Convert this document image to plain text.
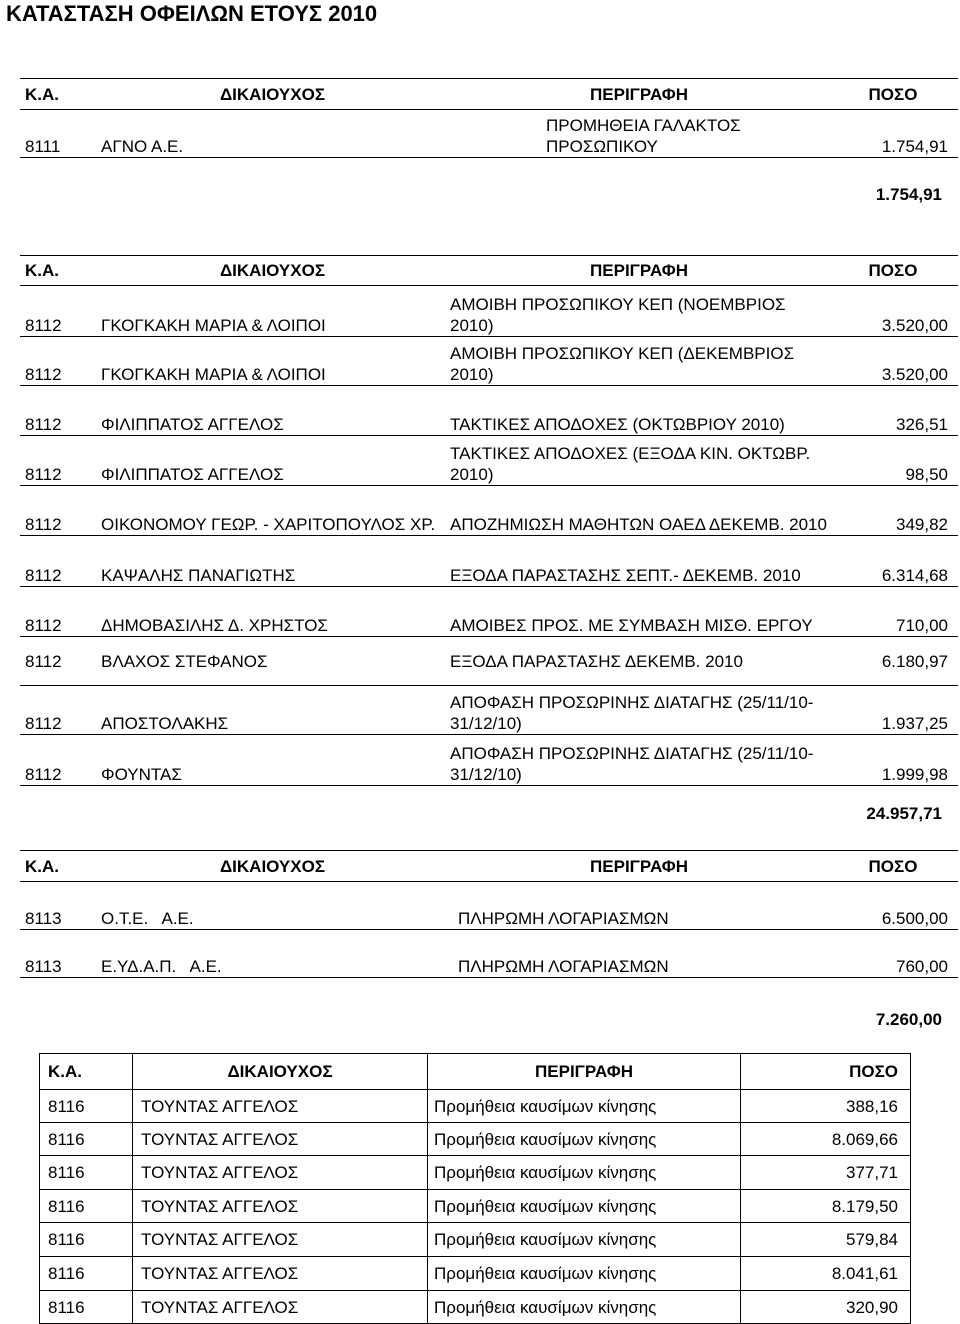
ΚΑΤΑΣΤΑΣΗ ΟΦΕΙΛΩΝ ΕΤΟΥΣ 2010
Κ.Α.	ΔΙΚΑΙΟΥΧΟΣ	ΠΕΡΙΓΡΑΦΗ	ΠΟΣΟ
8111	ΑΓΝΟ Α.Ε.	ΠΡΟΜΗΘΕΙΑ ΓΑΛΑΚΤΟΣ ΠΡΟΣΩΠΙΚΟΥ	1.754,91
1.754,91
Κ.Α.	ΔΙΚΑΙΟΥΧΟΣ	ΠΕΡΙΓΡΑΦΗ	ΠΟΣΟ
8112	ΓΚΟΓΚΑΚΗ ΜΑΡΙΑ & ΛΟΙΠΟΙ	ΑΜΟΙΒΗ ΠΡΟΣΩΠΙΚΟΥ ΚΕΠ (ΝΟΕΜΒΡΙΟΣ 2010)	3.520,00
8112	ΓΚΟΓΚΑΚΗ ΜΑΡΙΑ & ΛΟΙΠΟΙ	ΑΜΟΙΒΗ ΠΡΟΣΩΠΙΚΟΥ ΚΕΠ (ΔΕΚΕΜΒΡΙΟΣ 2010)	3.520,00
8112	ΦΙΛΙΠΠΑΤΟΣ ΑΓΓΕΛΟΣ	ΤΑΚΤΙΚΕΣ ΑΠΟΔΟΧΕΣ (ΟΚΤΩΒΡΙΟΥ 2010)	326,51
8112	ΦΙΛΙΠΠΑΤΟΣ ΑΓΓΕΛΟΣ	ΤΑΚΤΙΚΕΣ ΑΠΟΔΟΧΕΣ (ΕΞΟΔΑ ΚΙΝ. ΟΚΤΩΒΡ. 2010)	98,50
8112	ΟΙΚΟΝΟΜΟΥ ΓΕΩΡ. - ΧΑΡΙΤΟΠΟΥΛΟΣ ΧΡ.	ΑΠΟΖΗΜΙΩΣΗ ΜΑΘΗΤΩΝ ΟΑΕΔ ΔΕΚΕΜΒ. 2010	349,82
8112	ΚΑΨΑΛΗΣ ΠΑΝΑΓΙΩΤΗΣ	ΕΞΟΔΑ ΠΑΡΑΣΤΑΣΗΣ ΣΕΠΤ.- ΔΕΚΕΜΒ. 2010	6.314,68
8112	ΔΗΜΟΒΑΣΙΛΗΣ Δ. ΧΡΗΣΤΟΣ	ΑΜΟΙΒΕΣ ΠΡΟΣ. ΜΕ ΣΥΜΒΑΣΗ ΜΙΣΘ. ΕΡΓΟΥ	710,00
8112	ΒΛΑΧΟΣ ΣΤΕΦΑΝΟΣ	ΕΞΟΔΑ ΠΑΡΑΣΤΑΣΗΣ ΔΕΚΕΜΒ. 2010	6.180,97
8112	ΑΠΟΣΤΟΛΑΚΗΣ	ΑΠΟΦΑΣΗ ΠΡΟΣΩΡΙΝΗΣ ΔΙΑΤΑΓΗΣ (25/11/10-31/12/10)	1.937,25
8112	ΦΟΥΝΤΑΣ	ΑΠΟΦΑΣΗ ΠΡΟΣΩΡΙΝΗΣ ΔΙΑΤΑΓΗΣ (25/11/10-31/12/10)	1.999,98
24.957,71
Κ.Α.	ΔΙΚΑΙΟΥΧΟΣ	ΠΕΡΙΓΡΑΦΗ	ΠΟΣΟ
8113	Ο.Τ.Ε.   Α.Ε.	ΠΛΗΡΩΜΗ ΛΟΓΑΡΙΑΣΜΩΝ	6.500,00
8113	Ε.ΥΔ.Α.Π.   Α.Ε.	ΠΛΗΡΩΜΗ ΛΟΓΑΡΙΑΣΜΩΝ	760,00
7.260,00
Κ.Α.	ΔΙΚΑΙΟΥΧΟΣ	ΠΕΡΙΓΡΑΦΗ	ΠΟΣΟ
8116	ΤΟΥΝΤΑΣ ΑΓΓΕΛΟΣ	Προμήθεια καυσίμων κίνησης	388,16
8116	ΤΟΥΝΤΑΣ ΑΓΓΕΛΟΣ	Προμήθεια καυσίμων κίνησης	8.069,66
8116	ΤΟΥΝΤΑΣ ΑΓΓΕΛΟΣ	Προμήθεια καυσίμων κίνησης	377,71
8116	ΤΟΥΝΤΑΣ ΑΓΓΕΛΟΣ	Προμήθεια καυσίμων κίνησης	8.179,50
8116	ΤΟΥΝΤΑΣ ΑΓΓΕΛΟΣ	Προμήθεια καυσίμων κίνησης	579,84
8116	ΤΟΥΝΤΑΣ ΑΓΓΕΛΟΣ	Προμήθεια καυσίμων κίνησης	8.041,61
8116	ΤΟΥΝΤΑΣ ΑΓΓΕΛΟΣ	Προμήθεια καυσίμων κίνησης	320,90
